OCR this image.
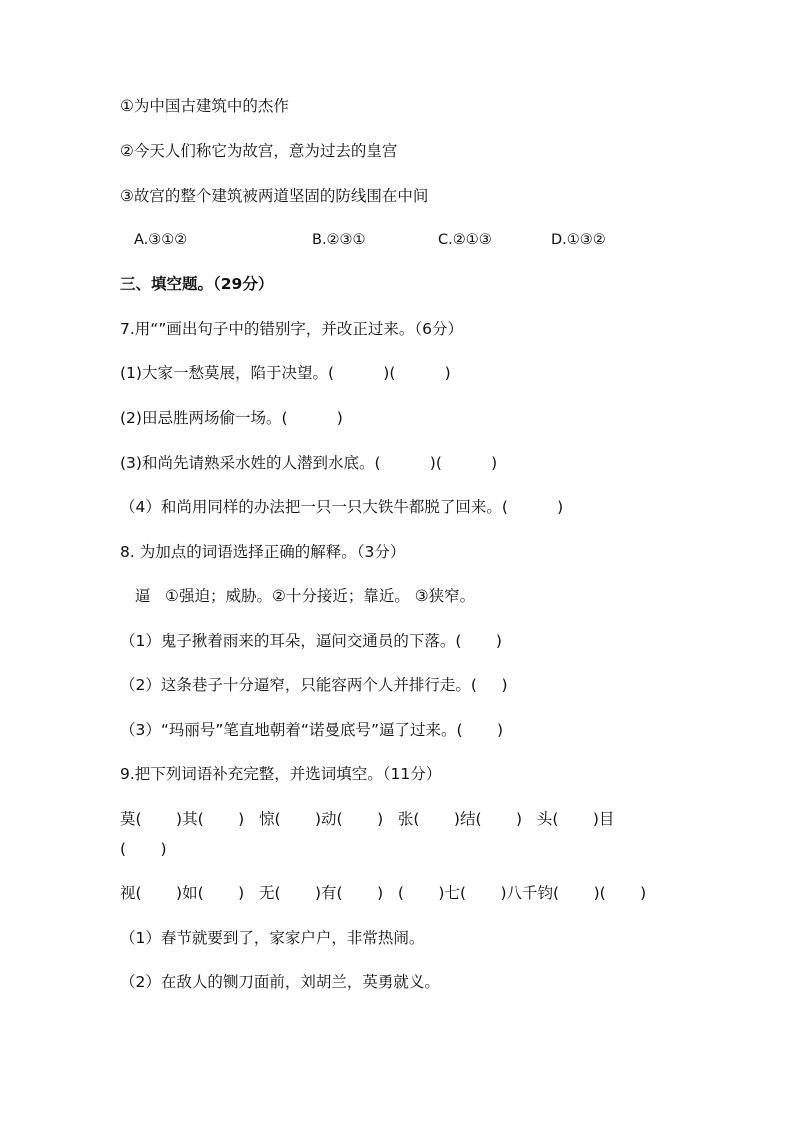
①为中国古建筑中的杰作
②今天人们称它为故宫，意为过去的皇宫
③故宫的整个建筑被两道坚固的防线围在中间
A.③①②	B.②③①	C.②①③	D.①③②
三、填空题。（29分）
7.用“”画出句子中的错别字，并改正过来。（6分）
(1)大家一愁莫展，陷于决望。(          )(          )
(2)田忌胜两场偷一场。(          )
(3)和尚先请熟采水姓的人潜到水底。(          )(          )
（4）和尚用同样的办法把一只一只大铁牛都脱了回来。(          )
8. 为加点的词语选择正确的解释。（3分）
逼   ①强迫；威胁。②十分接近；靠近。 ③狭窄。
（1）鬼子揪着雨来的耳朵，逼问交通员的下落。(       )
（2）这条巷子十分逼窄，只能容两个人并排行走。(     )
（3）“玛丽号”笔直地朝着“诺曼底号”逼了过来。(       )
9.把下列词语补充完整，并选词填空。（11分）
莫(       )其(       )   惊(       )动(       )   张(       )结(       )   头(       )目
(       )
视(       )如(       )   无(       )有(       )   (       )七(       )八千钧(       )(       )
（1）春节就要到了，家家户户，非常热闹。
（2）在敌人的铡刀面前，刘胡兰，英勇就义。
